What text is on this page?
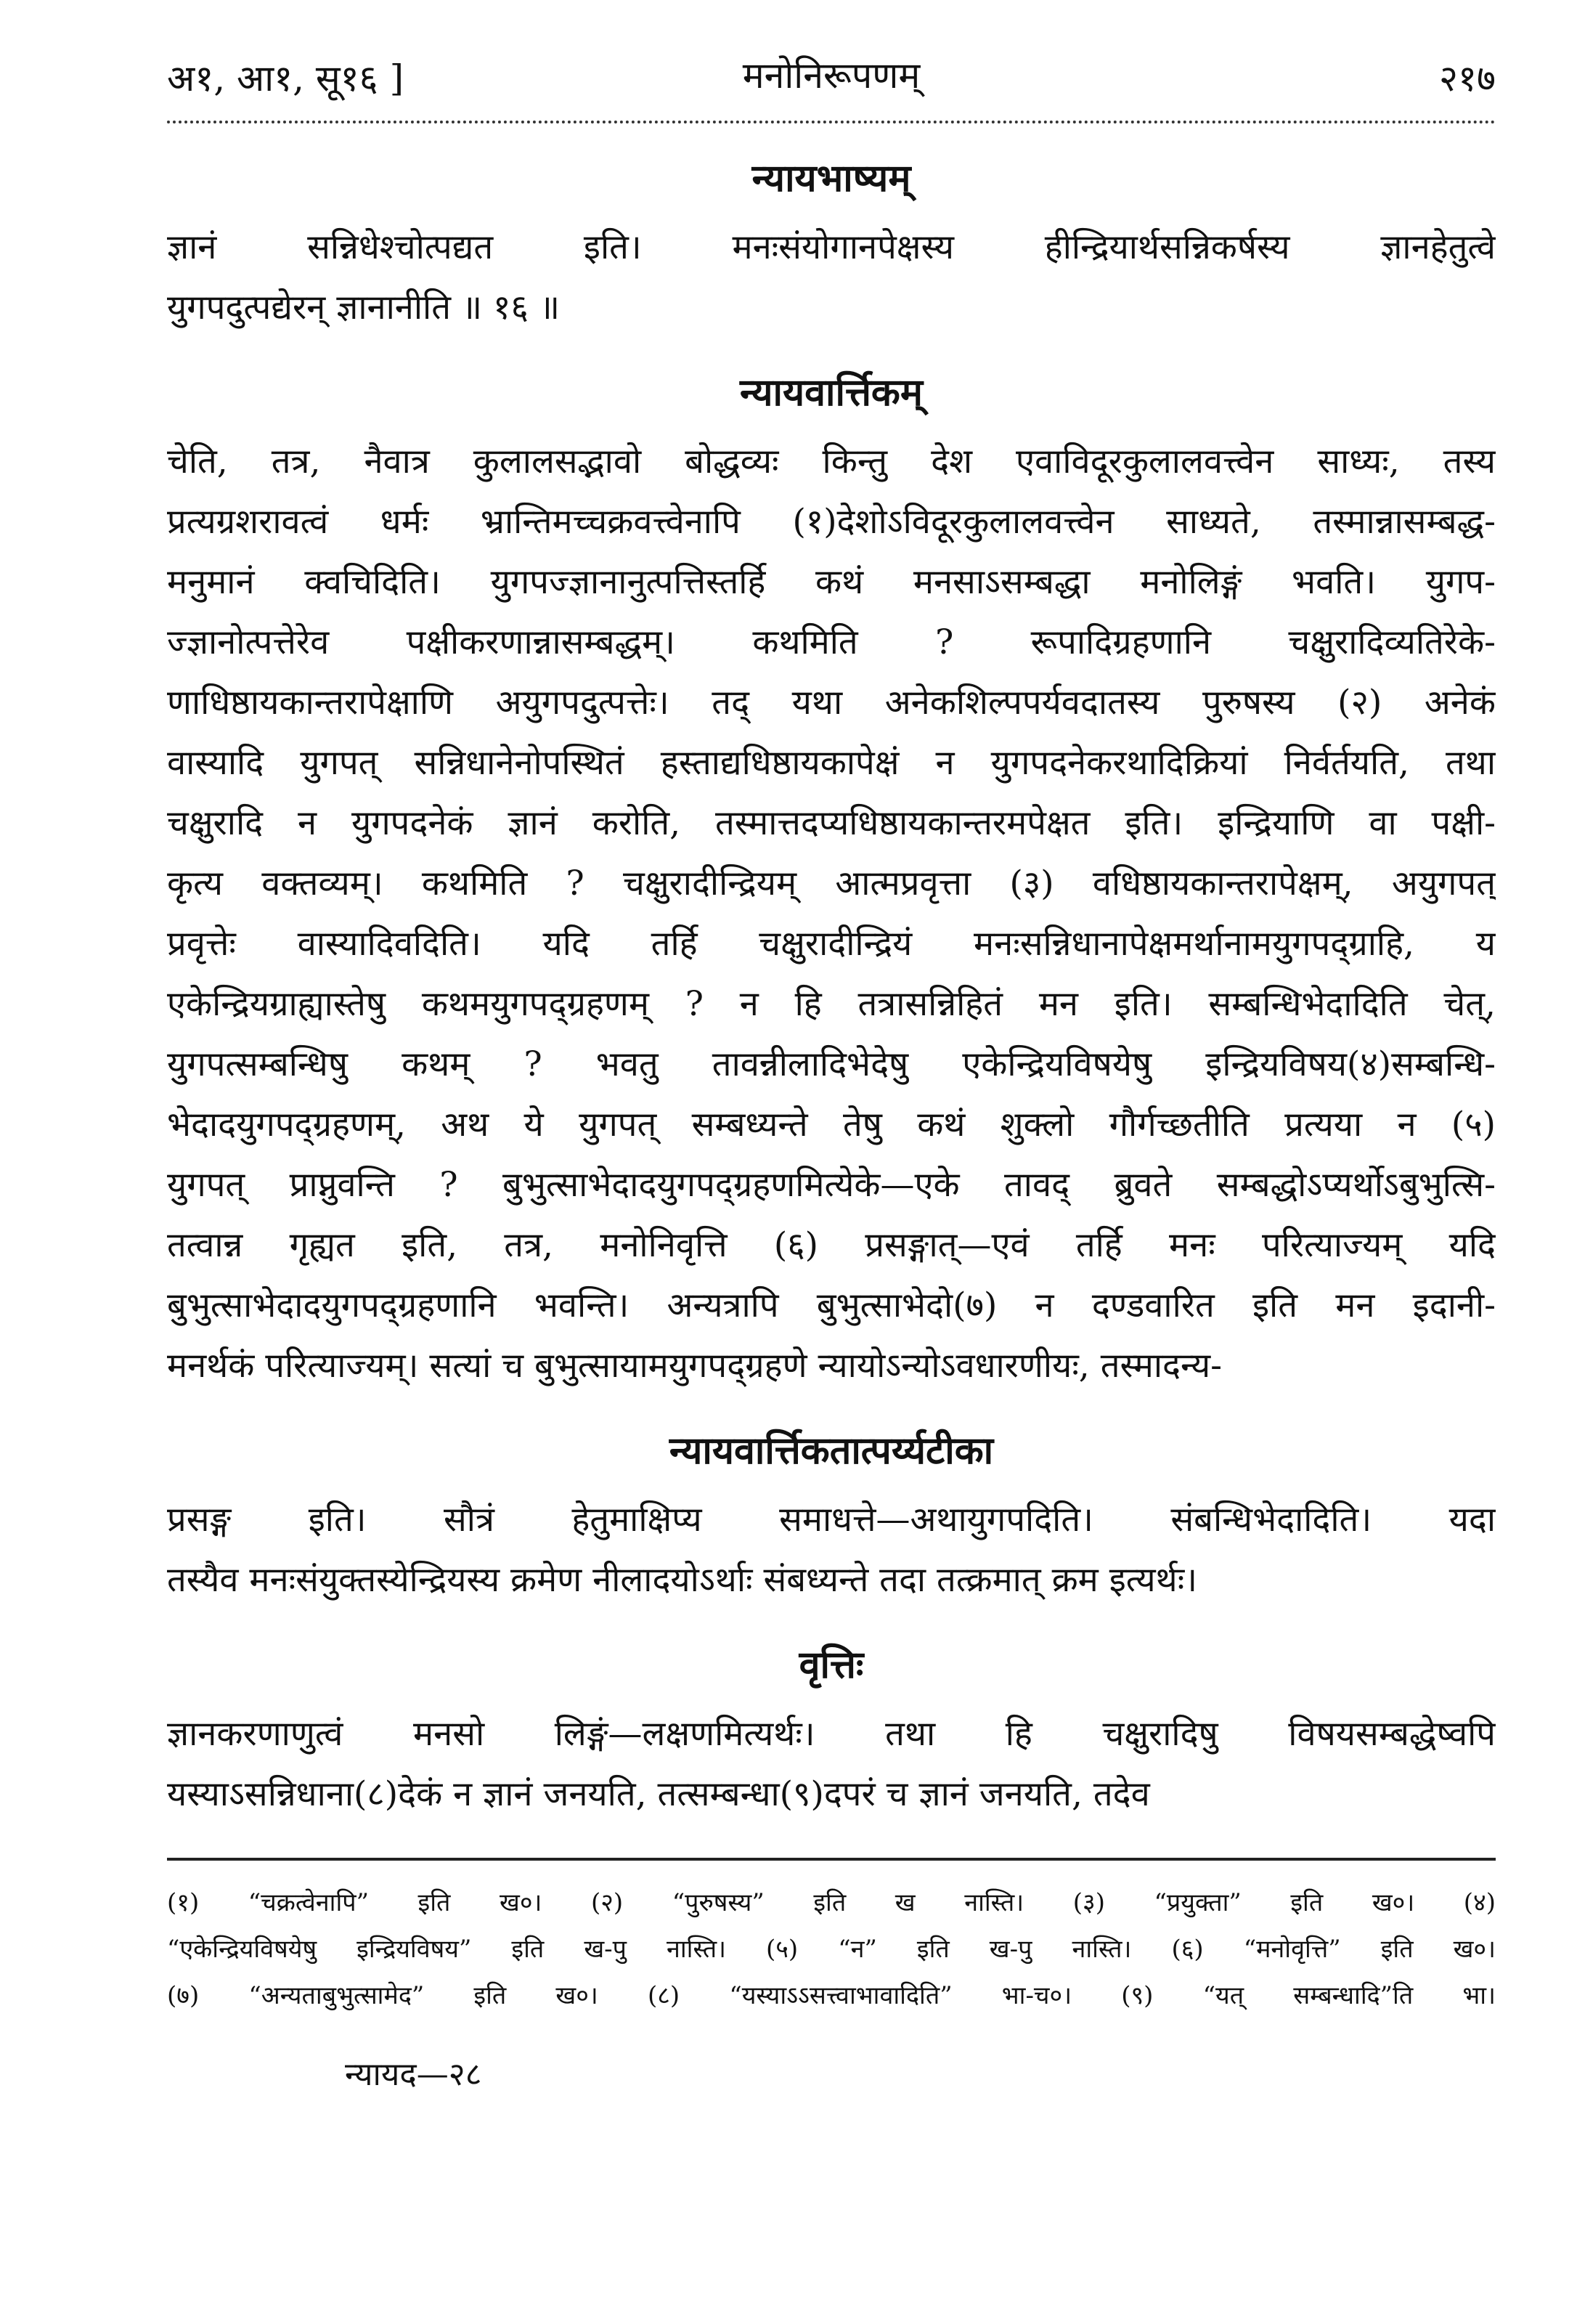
अ१, आ१, सू१६ ]	मनोनिरूपणम्	२१७
न्यायभाष्यम्
ज्ञानं सन्निधेश्चोत्पद्यत इति। मनःसंयोगानपेक्षस्य हीन्द्रियार्थसन्निकर्षस्य ज्ञानहेतुत्वे
युगपदुत्पद्येरन् ज्ञानानीति ॥ १६ ॥
न्यायवार्त्तिकम्
चेति, तत्र, नैवात्र कुलालसद्भावो बोद्धव्यः किन्तु देश एवाविदूरकुलालवत्त्वेन साध्यः, तस्य
प्रत्यग्रशरावत्वं धर्मः भ्रान्तिमच्चक्रवत्त्वेनापि (१)देशोऽविदूरकुलालवत्त्वेन साध्यते, तस्मान्नासम्बद्ध-
मनुमानं क्वचिदिति। युगपज्ज्ञानानुत्पत्तिस्तर्हि कथं मनसाऽसम्बद्धा मनोलिङ्गं भवति। युगप-
ज्ज्ञानोत्पत्तेरेव पक्षीकरणान्नासम्बद्धम्। कथमिति ? रूपादिग्रहणानि चक्षुरादिव्यतिरेके-
णाधिष्ठायकान्तरापेक्षाणि अयुगपदुत्पत्तेः। तद् यथा अनेकशिल्पपर्यवदातस्य पुरुषस्य (२) अनेकं
वास्यादि युगपत् सन्निधानेनोपस्थितं हस्ताद्यधिष्ठायकापेक्षं न युगपदनेकरथादिक्रियां निर्वर्तयति, तथा
चक्षुरादि न युगपदनेकं ज्ञानं करोति, तस्मात्तदप्यधिष्ठायकान्तरमपेक्षत इति। इन्द्रियाणि वा पक्षी-
कृत्य वक्तव्यम्। कथमिति ? चक्षुरादीन्द्रियम् आत्मप्रवृत्ता (३) वधिष्ठायकान्तरापेक्षम्, अयुगपत्
प्रवृत्तेः वास्यादिवदिति। यदि तर्हि चक्षुरादीन्द्रियं मनःसन्निधानापेक्षमर्थानामयुगपद्ग्राहि, य
एकेन्द्रियग्राह्यास्तेषु कथमयुगपद्ग्रहणम् ? न हि तत्रासन्निहितं मन इति। सम्बन्धिभेदादिति चेत्,
युगपत्सम्बन्धिषु कथम् ? भवतु तावन्नीलादिभेदेषु एकेन्द्रियविषयेषु इन्द्रियविषय(४)सम्बन्धि-
भेदादयुगपद्ग्रहणम्, अथ ये युगपत् सम्बध्यन्ते तेषु कथं शुक्लो गौर्गच्छतीति प्रत्यया न (५)
युगपत् प्राप्नुवन्ति ? बुभुत्साभेदादयुगपद्ग्रहणमित्येके—एके तावद् ब्रुवते सम्बद्धोऽप्यर्थोऽबुभुत्सि-
तत्वान्न गृह्यत इति, तत्र, मनोनिवृत्ति (६) प्रसङ्गात्—एवं तर्हि मनः परित्याज्यम् यदि
बुभुत्साभेदादयुगपद्ग्रहणानि भवन्ति। अन्यत्रापि बुभुत्साभेदो(७) न दण्डवारित इति मन इदानी-
मनर्थकं परित्याज्यम्। सत्यां च बुभुत्सायामयुगपद्ग्रहणे न्यायोऽन्योऽवधारणीयः, तस्मादन्य-
न्यायवार्त्तिकतात्पर्य्यटीका
प्रसङ्ग इति। सौत्रं हेतुमाक्षिप्य समाधत्ते—अथायुगपदिति। संबन्धिभेदादिति। यदा
तस्यैव मनःसंयुक्तस्येन्द्रियस्य क्रमेण नीलादयोऽर्थाः संबध्यन्ते तदा तत्क्रमात् क्रम इत्यर्थः।
वृत्तिः
ज्ञानकरणाणुत्वं मनसो लिङ्गं—लक्षणमित्यर्थः। तथा हि चक्षुरादिषु विषयसम्बद्धेष्वपि
यस्याऽसन्निधाना(८)देकं न ज्ञानं जनयति, तत्सम्बन्धा(९)दपरं च ज्ञानं जनयति, तदेव
(१) “चक्रत्वेनापि” इति ख०। (२) “पुरुषस्य” इति ख नास्ति। (३) “प्रयुक्ता” इति ख०। (४)
“एकेन्द्रियविषयेषु इन्द्रियविषय” इति ख-पु नास्ति। (५) “न” इति ख-पु नास्ति। (६) “मनोवृत्ति” इति ख०।
(७) “अन्यताबुभुत्सामेद” इति ख०। (८) “यस्याऽऽसत्त्वाभावादिति” भा-च०। (९) “यत् सम्बन्धादि”ति भा।
न्यायद—२८
